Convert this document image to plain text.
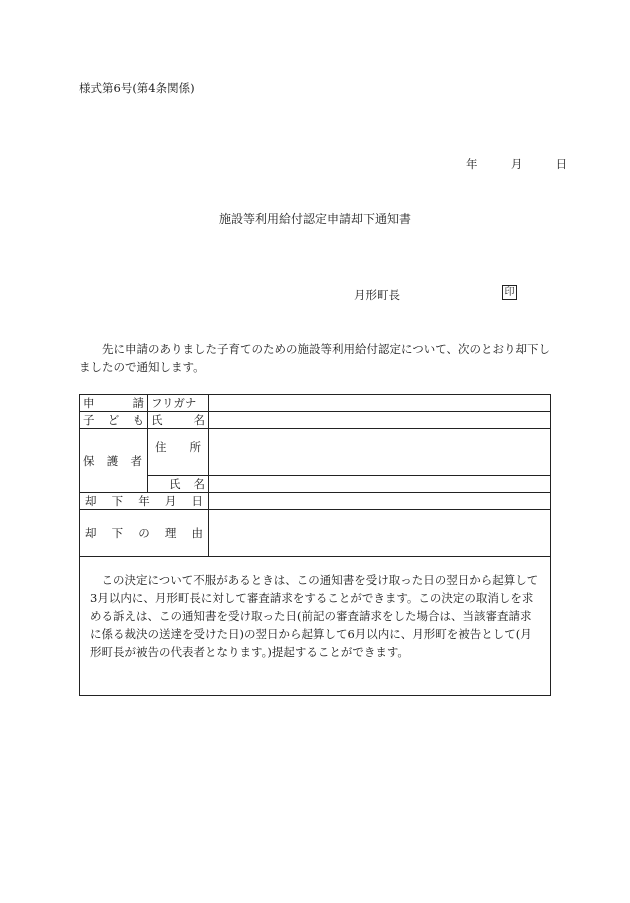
様式第6号(第4条関係)
年	月	日
施設等利用給付認定申請却下通知書
月形町長	印
先に申請のありました子育てのための施設等利用給付認定について、次のとおり却下しましたので通知します。
申 請	フリガナ	

子 ど も	氏 名	

保 護 者	住 所	

	氏 名	

却 下 年 月 日		

却 下 の 理 由		

この決定について不服があるときは、この通知書を受け取った日の翌日から起算して3月以内に、月形町長に対して審査請求をすることができます。この決定の取消しを求める訴えは、この通知書を受け取った日(前記の審査請求をした場合は、当該審査請求に係る裁決の送達を受けた日)の翌日から起算して6月以内に、月形町を被告として(月形町長が被告の代表者となります。)提起することができます。		
